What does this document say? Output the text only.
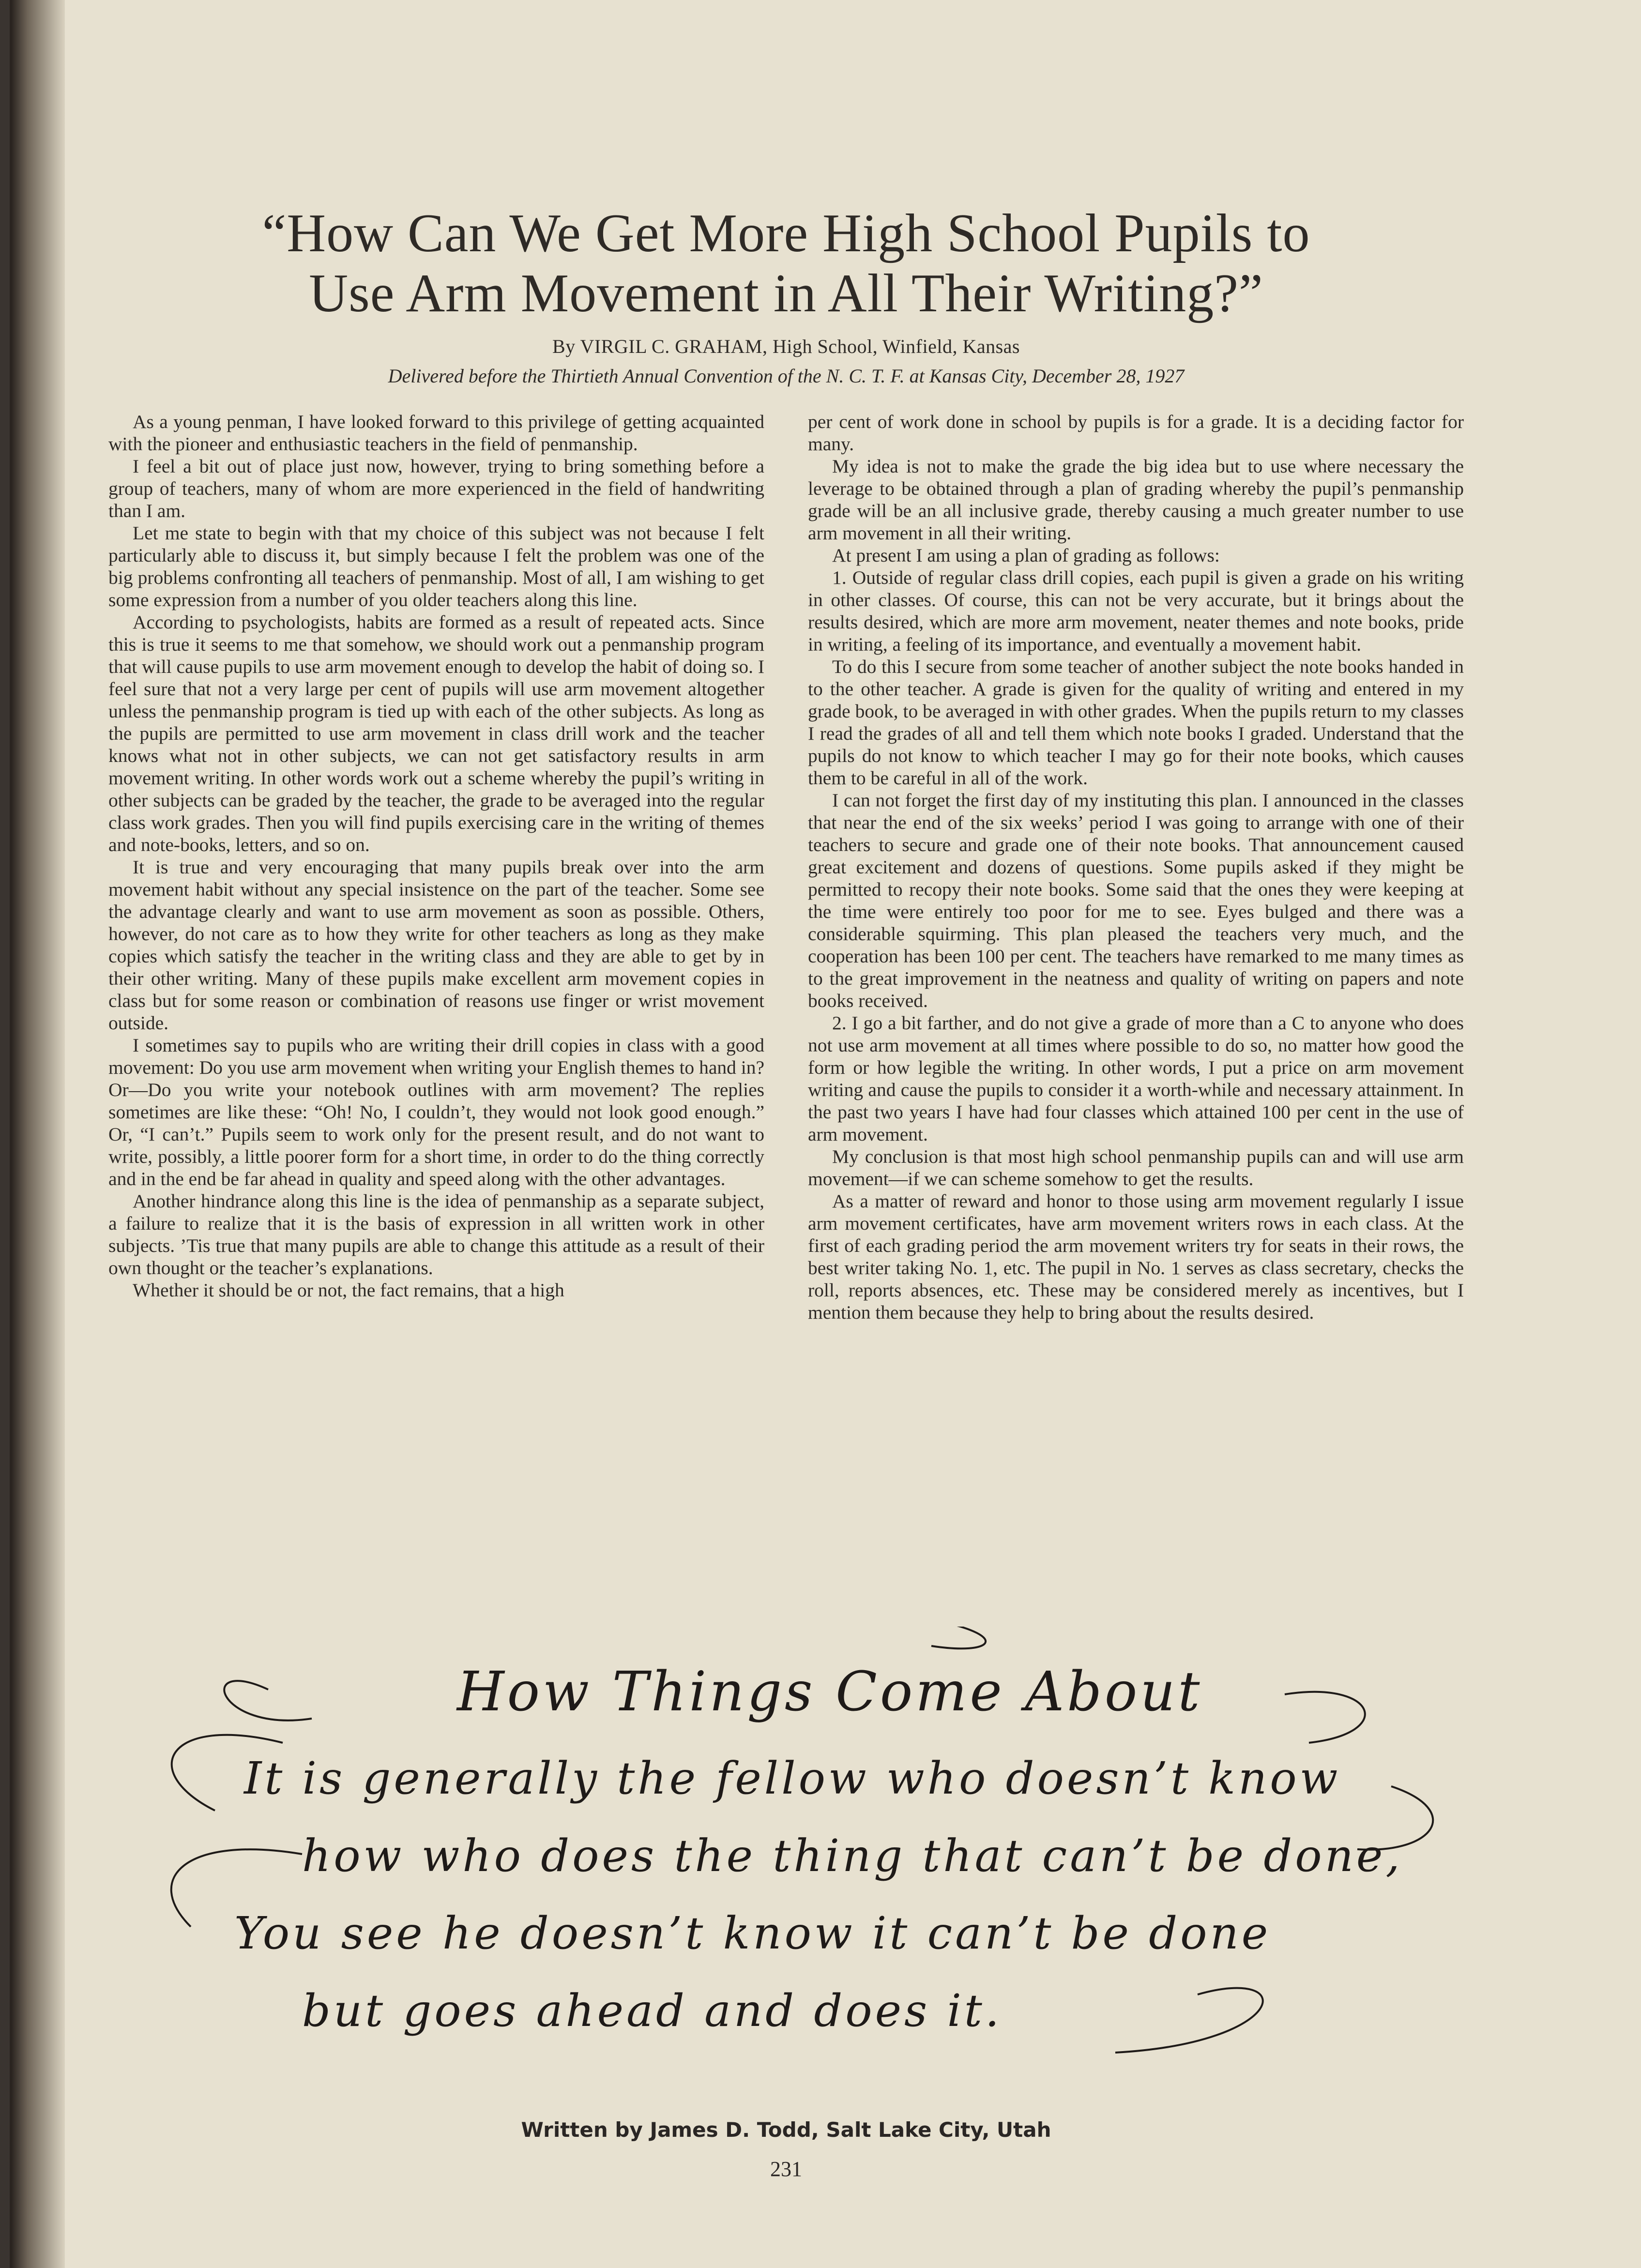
“How Can We Get More High School Pupils to
Use Arm Movement in All Their Writing?”
By VIRGIL C. GRAHAM, High School, Winfield, Kansas
Delivered before the Thirtieth Annual Convention of the N. C. T. F. at Kansas City, December 28, 1927

As a young penman, I have looked forward to this privilege of getting acquainted with the pioneer and enthusiastic teachers in the field of penmanship.

I feel a bit out of place just now, however, trying to bring something before a group of teachers, many of whom are more experienced in the field of handwriting than I am.

Let me state to begin with that my choice of this subject was not because I felt particularly able to discuss it, but simply because I felt the problem was one of the big problems confronting all teachers of penmanship. Most of all, I am wishing to get some expression from a number of you older teachers along this line.

According to psychologists, habits are formed as a result of repeated acts. Since this is true it seems to me that somehow, we should work out a penmanship program that will cause pupils to use arm movement enough to develop the habit of doing so. I feel sure that not a very large per cent of pupils will use arm movement altogether unless the penmanship program is tied up with each of the other subjects. As long as the pupils are permitted to use arm movement in class drill work and the teacher knows what not in other subjects, we can not get satisfactory results in arm movement writing. In other words work out a scheme whereby the pupil’s writing in other subjects can be graded by the teacher, the grade to be averaged into the regular class work grades. Then you will find pupils exercising care in the writing of themes and note-books, letters, and so on.

It is true and very encouraging that many pupils break over into the arm movement habit without any special insistence on the part of the teacher. Some see the advantage clearly and want to use arm movement as soon as possible. Others, however, do not care as to how they write for other teachers as long as they make copies which satisfy the teacher in the writing class and they are able to get by in their other writing. Many of these pupils make excellent arm movement copies in class but for some reason or combination of reasons use finger or wrist movement outside.

I sometimes say to pupils who are writing their drill copies in class with a good movement: Do you use arm movement when writing your English themes to hand in? Or—Do you write your notebook outlines with arm movement? The replies sometimes are like these: “Oh! No, I couldn’t, they would not look good enough.” Or, “I can’t.” Pupils seem to work only for the present result, and do not want to write, possibly, a little poorer form for a short time, in order to do the thing correctly and in the end be far ahead in quality and speed along with the other advantages.

Another hindrance along this line is the idea of penmanship as a separate subject, a failure to realize that it is the basis of expression in all written work in other subjects. ’Tis true that many pupils are able to change this attitude as a result of their own thought or the teacher’s explanations.

Whether it should be or not, the fact remains, that a high

per cent of work done in school by pupils is for a grade. It is a deciding factor for many.

My idea is not to make the grade the big idea but to use where necessary the leverage to be obtained through a plan of grading whereby the pupil’s penmanship grade will be an all inclusive grade, thereby causing a much greater number to use arm movement in all their writing.

At present I am using a plan of grading as follows:

1. Outside of regular class drill copies, each pupil is given a grade on his writing in other classes. Of course, this can not be very accurate, but it brings about the results desired, which are more arm movement, neater themes and note books, pride in writing, a feeling of its importance, and eventually a movement habit.

To do this I secure from some teacher of another subject the note books handed in to the other teacher. A grade is given for the quality of writing and entered in my grade book, to be averaged in with other grades. When the pupils return to my classes I read the grades of all and tell them which note books I graded. Understand that the pupils do not know to which teacher I may go for their note books, which causes them to be careful in all of the work.

I can not forget the first day of my instituting this plan. I announced in the classes that near the end of the six weeks’ period I was going to arrange with one of their teachers to secure and grade one of their note books. That announcement caused great excitement and dozens of questions. Some pupils asked if they might be permitted to recopy their note books. Some said that the ones they were keeping at the time were entirely too poor for me to see. Eyes bulged and there was a considerable squirming. This plan pleased the teachers very much, and the cooperation has been 100 per cent. The teachers have remarked to me many times as to the great improvement in the neatness and quality of writing on papers and note books received.

2. I go a bit farther, and do not give a grade of more than a C to anyone who does not use arm movement at all times where possible to do so, no matter how good the form or how legible the writing. In other words, I put a price on arm movement writing and cause the pupils to consider it a worth-while and necessary attainment. In the past two years I have had four classes which attained 100 per cent in the use of arm movement.

My conclusion is that most high school penmanship pupils can and will use arm movement—if we can scheme somehow to get the results.

As a matter of reward and honor to those using arm movement regularly I issue arm movement certificates, have arm movement writers rows in each class. At the first of each grading period the arm movement writers try for seats in their rows, the best writer taking No. 1, etc. The pupil in No. 1 serves as class secretary, checks the roll, reports absences, etc. These may be considered merely as incentives, but I mention them because they help to bring about the results desired.

How Things Come About
It is generally the fellow who doesn’t know
how who does the thing that can’t be done,
You see he doesn’t know it can’t be done
but goes ahead and does it.
Written by James D. Todd, Salt Lake City, Utah
231
